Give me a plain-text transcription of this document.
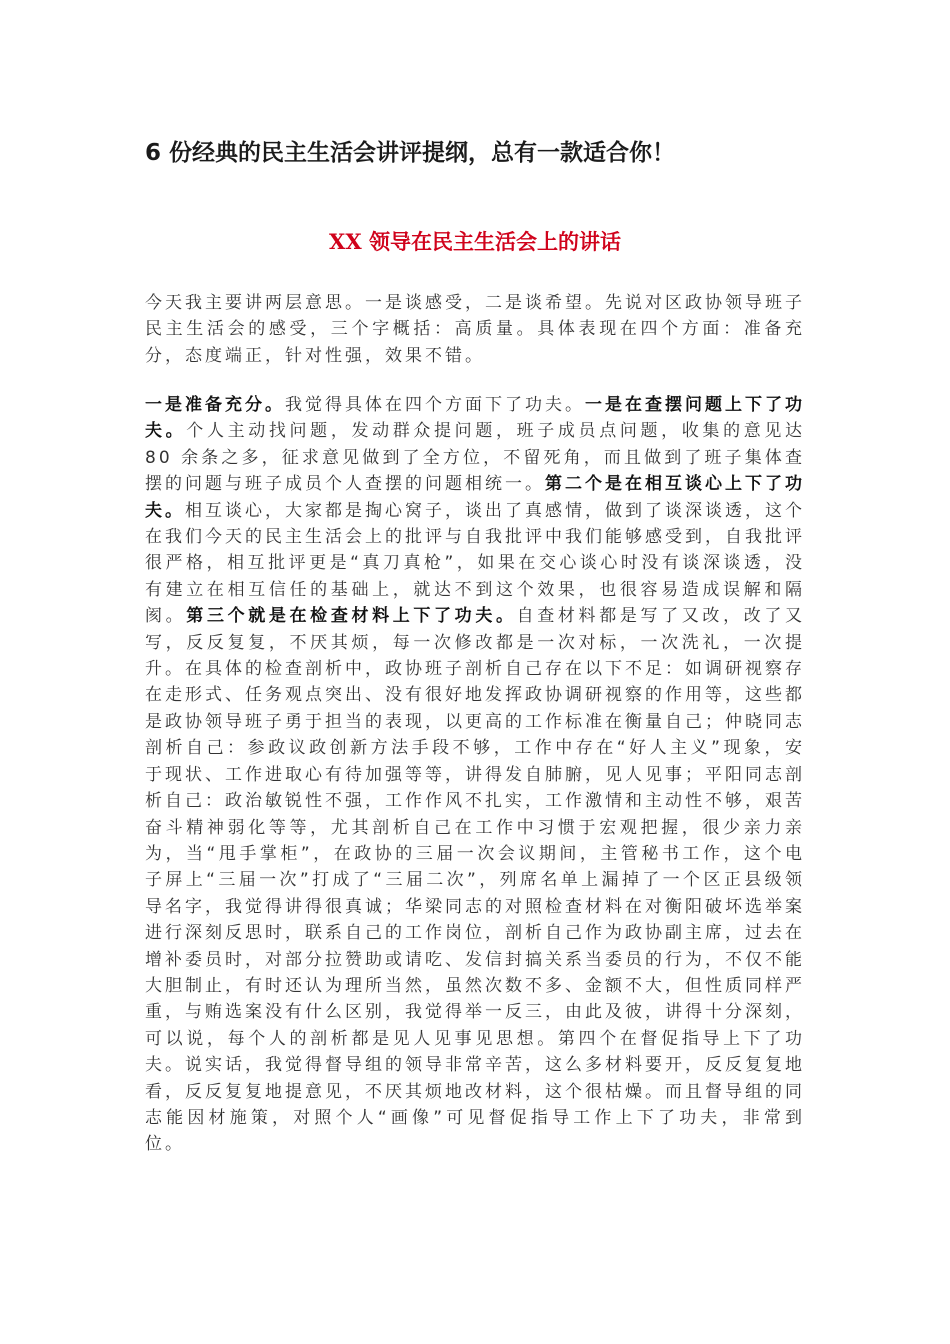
6 份经典的民主生活会讲评提纲，总有一款适合你！
XX 领导在民主生活会上的讲话
今天我主要讲两层意思。一是谈感受，二是谈希望。先说对区政协领导班子民主生活会的感受，三个字概括：高质量。具体表现在四个方面：准备充分，态度端正，针对性强，效果不错。
一是准备充分。我觉得具体在四个方面下了功夫。一是在查摆问题上下了功夫。个人主动找问题，发动群众提问题，班子成员点问题，收集的意见达 80 余条之多，征求意见做到了全方位，不留死角，而且做到了班子集体查摆的问题与班子成员个人查摆的问题相统一。第二个是在相互谈心上下了功夫。相互谈心，大家都是掏心窝子，谈出了真感情，做到了谈深谈透，这个在我们今天的民主生活会上的批评与自我批评中我们能够感受到，自我批评很严格，相互批评更是“真刀真枪”，如果在交心谈心时没有谈深谈透，没有建立在相互信任的基础上，就达不到这个效果，也很容易造成误解和隔阂。第三个就是在检查材料上下了功夫。自查材料都是写了又改，改了又写，反反复复，不厌其烦，每一次修改都是一次对标，一次洗礼，一次提升。在具体的检查剖析中，政协班子剖析自己存在以下不足：如调研视察存在走形式、任务观点突出、没有很好地发挥政协调研视察的作用等，这些都是政协领导班子勇于担当的表现，以更高的工作标准在衡量自己；仲晓同志剖析自己：参政议政创新方法手段不够，工作中存在“好人主义”现象，安于现状、工作进取心有待加强等等，讲得发自肺腑，见人见事；平阳同志剖析自己：政治敏锐性不强，工作作风不扎实，工作激情和主动性不够，艰苦奋斗精神弱化等等，尤其剖析自己在工作中习惯于宏观把握，很少亲力亲为，当“甩手掌柜”，在政协的三届一次会议期间，主管秘书工作，这个电子屏上“三届一次”打成了“三届二次”，列席名单上漏掉了一个区正县级领导名字，我觉得讲得很真诚；华梁同志的对照检查材料在对衡阳破坏选举案进行深刻反思时，联系自己的工作岗位，剖析自己作为政协副主席，过去在增补委员时，对部分拉赞助或请吃、发信封搞关系当委员的行为，不仅不能大胆制止，有时还认为理所当然，虽然次数不多、金额不大，但性质同样严重，与贿选案没有什么区别，我觉得举一反三，由此及彼，讲得十分深刻，可以说，每个人的剖析都是见人见事见思想。第四个在督促指导上下了功夫。说实话，我觉得督导组的领导非常辛苦，这么多材料要开，反反复复地看，反反复复地提意见，不厌其烦地改材料，这个很枯燥。而且督导组的同志能因材施策，对照个人“画像”可见督促指导工作上下了功夫，非常到位。
